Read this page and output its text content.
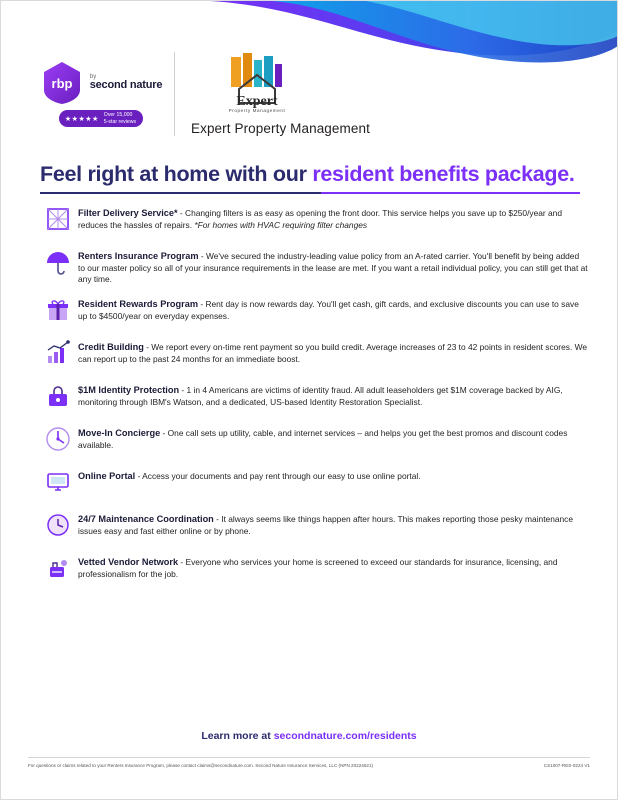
rbp	by
second nature
★★★★★
Over 15,000
5-star reviews
Expert
Property Management
Expert Property Management
Feel right at home with our resident benefits package.
Filter Delivery Service* - Changing filters is as easy as opening the front door. This service helps you save up to $250/year and reduces the hassles of repairs. *For homes with HVAC requiring filter changes
Renters Insurance Program - We've secured the industry-leading value policy from an A-rated carrier. You'll benefit by being added to our master policy so all of your insurance requirements in the lease are met. If you want a retail individual policy, you can still get that at any time.
Resident Rewards Program - Rent day is now rewards day. You'll get cash, gift cards, and exclusive discounts you can use to save up to $4500/year on everyday expenses.
Credit Building - We report every on-time rent payment so you build credit. Average increases of 23 to 42 points in resident scores. We can report up to the past 24 months for an immediate boost.
$1M Identity Protection - 1 in 4 Americans are victims of identity fraud. All adult leaseholders get $1M coverage backed by AIG, monitoring through IBM's Watson, and a dedicated, US-based Identity Restoration Specialist.
Move-In Concierge - One call sets up utility, cable, and internet services – and helps you get the best promos and discount codes available.
Online Portal - Access your documents and pay rent through our easy to use online portal.
24/7 Maintenance Coordination - It always seems like things happen after hours. This makes reporting those pesky maintenance issues easy and fast either online or by phone.
Vetted Vendor Network - Everyone who services your home is screened to exceed our standards for insurance, licensing, and professionalism for the job.
Learn more at secondnature.com/residents
For questions or claims related to your Renters Insurance Program, please contact claims@secondnature.com. Second Nature Insurance Services, LLC (NPN 20224621)	CS1007-RES-0224 V1
